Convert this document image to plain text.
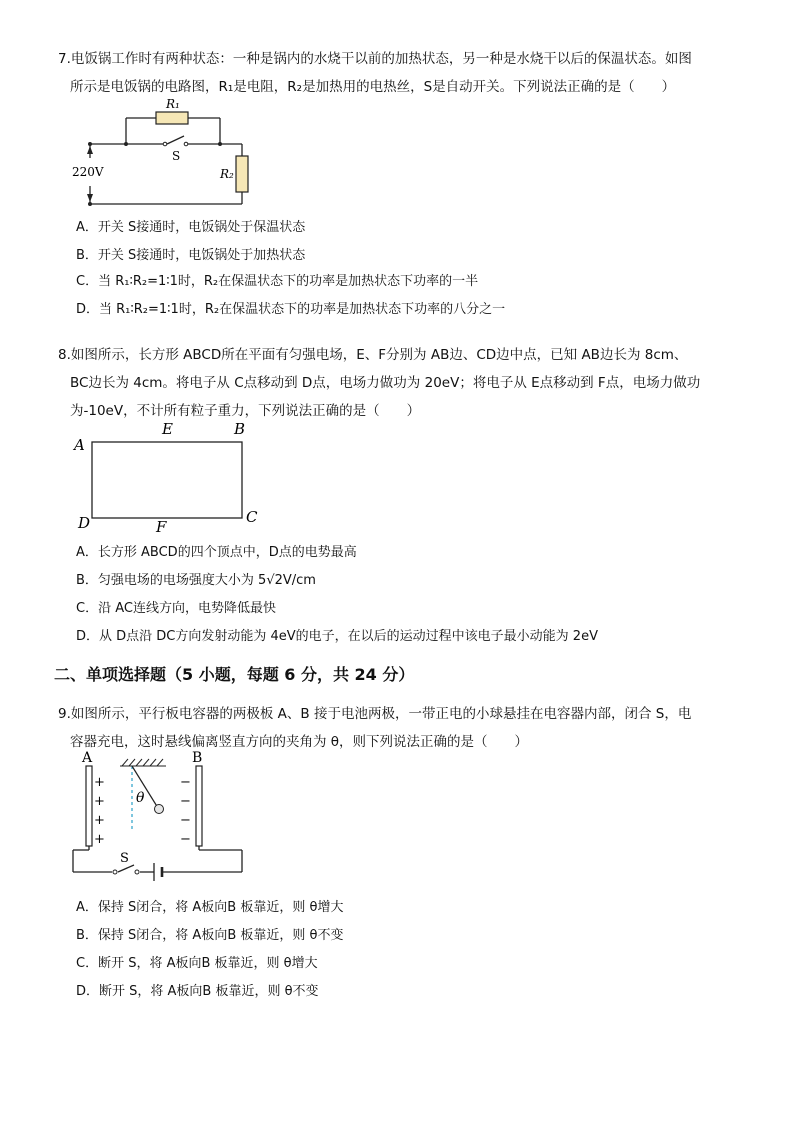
7.电饭锅工作时有两种状态：一种是锅内的水烧干以前的加热状态，另一种是水烧干以后的保温状态。如图
所示是电饭锅的电路图，R₁是电阻，R₂是加热用的电热丝，S是自动开关。下列说法正确的是（　　）
R₁
S
R₂
220V
A．开关 S接通时，电饭锅处于保温状态
B．开关 S接通时，电饭锅处于加热状态
C．当 R₁∶R₂=1∶1时，R₂在保温状态下的功率是加热状态下功率的一半
D．当 R₁∶R₂=1∶1时，R₂在保温状态下的功率是加热状态下功率的八分之一
8.如图所示，长方形 ABCD所在平面有匀强电场，E、F分别为 AB边、CD边中点，已知 AB边长为 8cm、
BC边长为 4cm。将电子从 C点移动到 D点，电场力做功为 20eV；将电子从 E点移动到 F点，电场力做功
为-10eV，不计所有粒子重力，下列说法正确的是（　　）
A
E	B
D	F
C
A．长方形 ABCD的四个顶点中，D点的电势最高
B．匀强电场的电场强度大小为 5√2V/cm
C．沿 AC连线方向，电势降低最快
D．从 D点沿 DC方向发射动能为 4eV的电子，在以后的运动过程中该电子最小动能为 2eV
二、单项选择题（5 小题，每题 6 分，共 24 分）
9.如图所示，平行板电容器的两极板 A、B 接于电池两极，一带正电的小球悬挂在电容器内部，闭合 S，电
容器充电，这时悬线偏离竖直方向的夹角为 θ，则下列说法正确的是（　　）
A	B
+
+
+
+
−
−
−
−
θ
S
A．保持 S闭合，将 A板向B 板靠近，则 θ增大
B．保持 S闭合，将 A板向B 板靠近，则 θ不变
C．断开 S，将 A板向B 板靠近，则 θ增大
D．断开 S，将 A板向B 板靠近，则 θ不变
